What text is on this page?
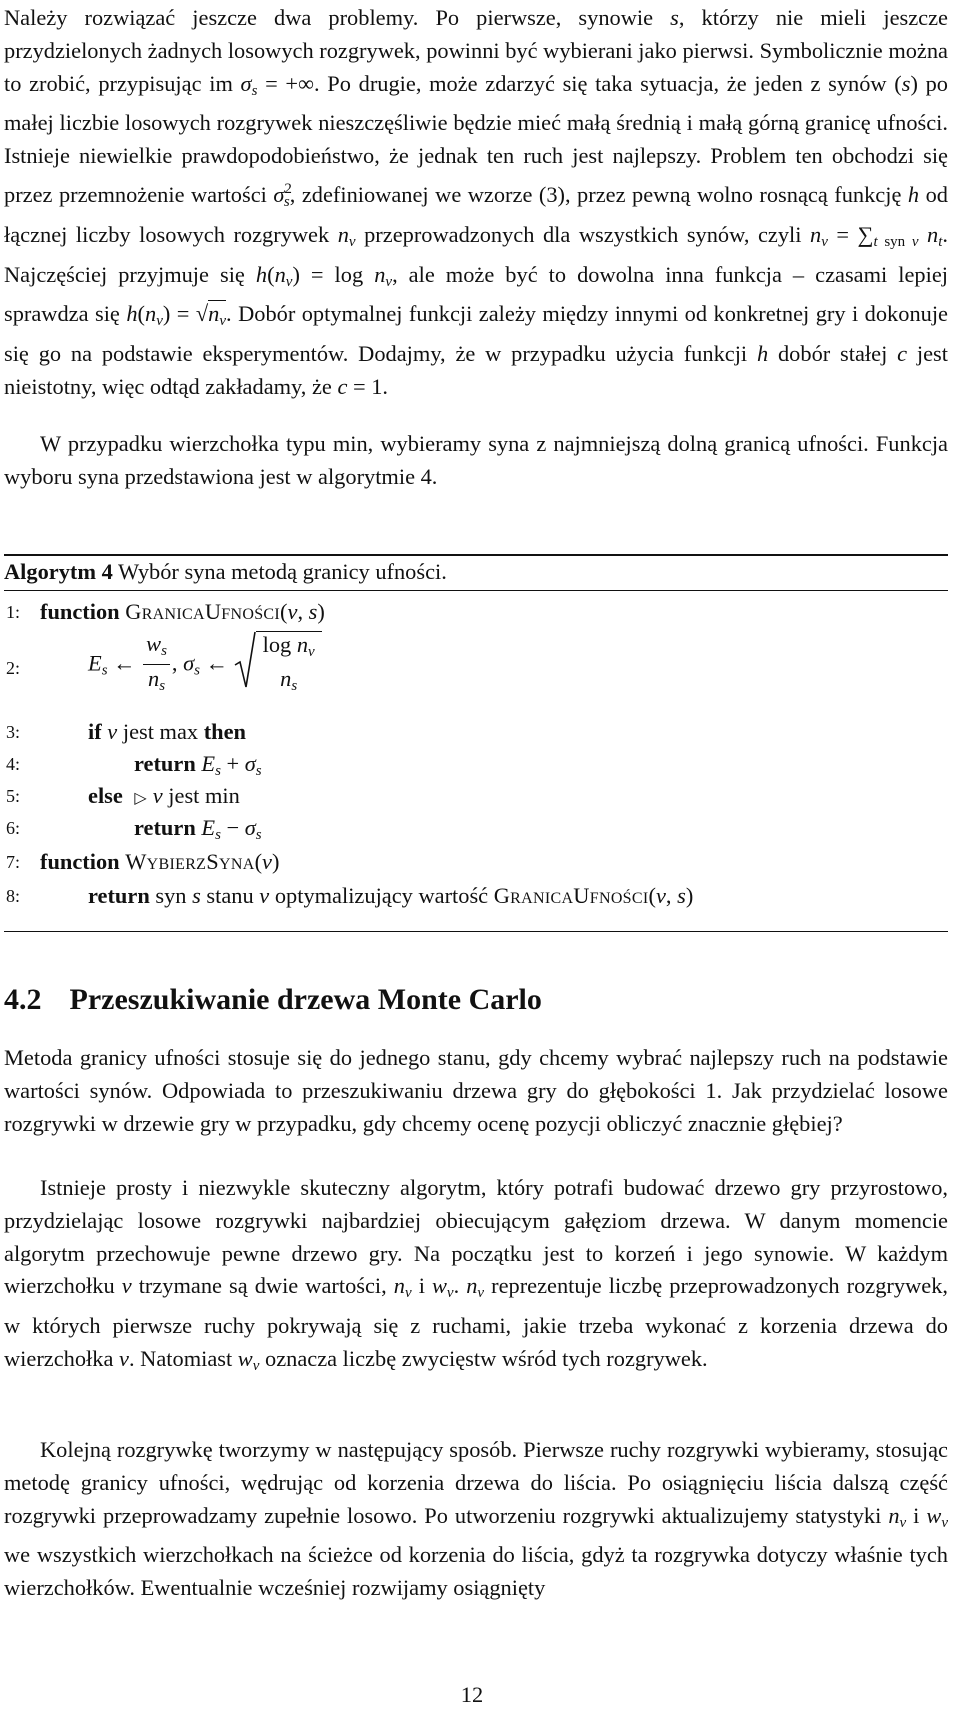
Należy rozwiązać jeszcze dwa problemy. Po pierwsze, synowie s, którzy nie mieli jeszcze przydzielonych żadnych losowych rozgrywek, powinni być wybierani jako pierwsi. Symbolicznie można to zrobić, przypisując im $\sigma_s$ = +∞. Po drugie, może zdarzyć się taka sytuacja, że jeden z synów (s) po małej liczbie losowych rozgrywek nieszczęśliwie będzie mieć małą średnią i małą górną granicę ufności. Istnieje niewielkie prawdopodobieństwo, że jednak ten ruch jest najlepszy. Problem ten obchodzi się przez przemnożenie wartości $\sigma^2_s$, zdefiniowanej we wzorze (3), przez pewną wolno rosnącą funkcję h od łącznej liczby losowych rozgrywek $n_v$ przeprowadzonych dla wszystkich synów, czyli $n_v = \sum_{t syn v}$ $n_t$. Najczęściej przyjmuje się $h(n_v) = \log n_v$, ale może być to dowolna inna funkcja – czasami lepiej sprawdza się $h(n_v) = √n_v$. Dobór optymalnej funkcji zależy między innymi od konkretnej gry i dokonuje się go na podstawie eksperymentów. Dodajmy, że w przypadku użycia funkcji h dobór stałej c jest nieistotny, więc odtąd zakładamy, że c = 1.

W przypadku wierzchołka typu min, wybieramy syna z najmniejszą dolną granicą ufności. Funkcja wyboru syna przedstawiona jest w algorytmie 4.

Algorytm 4 Wybór syna metodą granicy ufności.
1: function GranicaUfności(v, s)
2:	$E_s$ ← $\frac{w_s}{n_s}$ , $\sigma_s$ ←
$\log n_v$
$n_s$
3:	if v jest max then
4:	return $E_s + \sigma_s$
5:	else ▷ v jest min
6:	return $E_s - \sigma_s$
7: function WybierzSyna(v)
8:	return syn s stanu v optymalizujący wartość GranicaUfności(v, s)
4.2 Przeszukiwanie drzewa Monte Carlo

Metoda granicy ufności stosuje się do jednego stanu, gdy chcemy wybrać najlepszy ruch na podstawie wartości synów. Odpowiada to przeszukiwaniu drzewa gry do głębokości 1. Jak przydzielać losowe rozgrywki w drzewie gry w przypadku, gdy chcemy ocenę pozycji obliczyć znacznie głębiej?

Istnieje prosty i niezwykle skuteczny algorytm, który potrafi budować drzewo gry przyrostowo, przydzielając losowe rozgrywki najbardziej obiecującym gałęziom drzewa. W danym momencie algorytm przechowuje pewne drzewo gry. Na początku jest to korzeń i jego synowie. W każdym wierzchołku v trzymane są dwie wartości, $n_v$ i $w_v$. $n_v$ reprezentuje liczbę przeprowadzonych rozgrywek, w których pierwsze ruchy pokrywają się z ruchami, jakie trzeba wykonać z korzenia drzewa do wierzchołka v. Natomiast $w_v$ oznacza liczbę zwycięstw wśród tych rozgrywek.

Kolejną rozgrywkę tworzymy w następujący sposób. Pierwsze ruchy rozgrywki wybieramy, stosując metodę granicy ufności, wędrując od korzenia drzewa do liścia. Po osiągnięciu liścia dalszą część rozgrywki przeprowadzamy zupełnie losowo. Po utworzeniu rozgrywki aktualizujemy statystyki $n_v$ i $w_v$ we wszystkich wierzchołkach na ścieżce od korzenia do liścia, gdyż ta rozgrywka dotyczy właśnie tych wierzchołków. Ewentualnie wcześniej rozwijamy osiągnięty

12
